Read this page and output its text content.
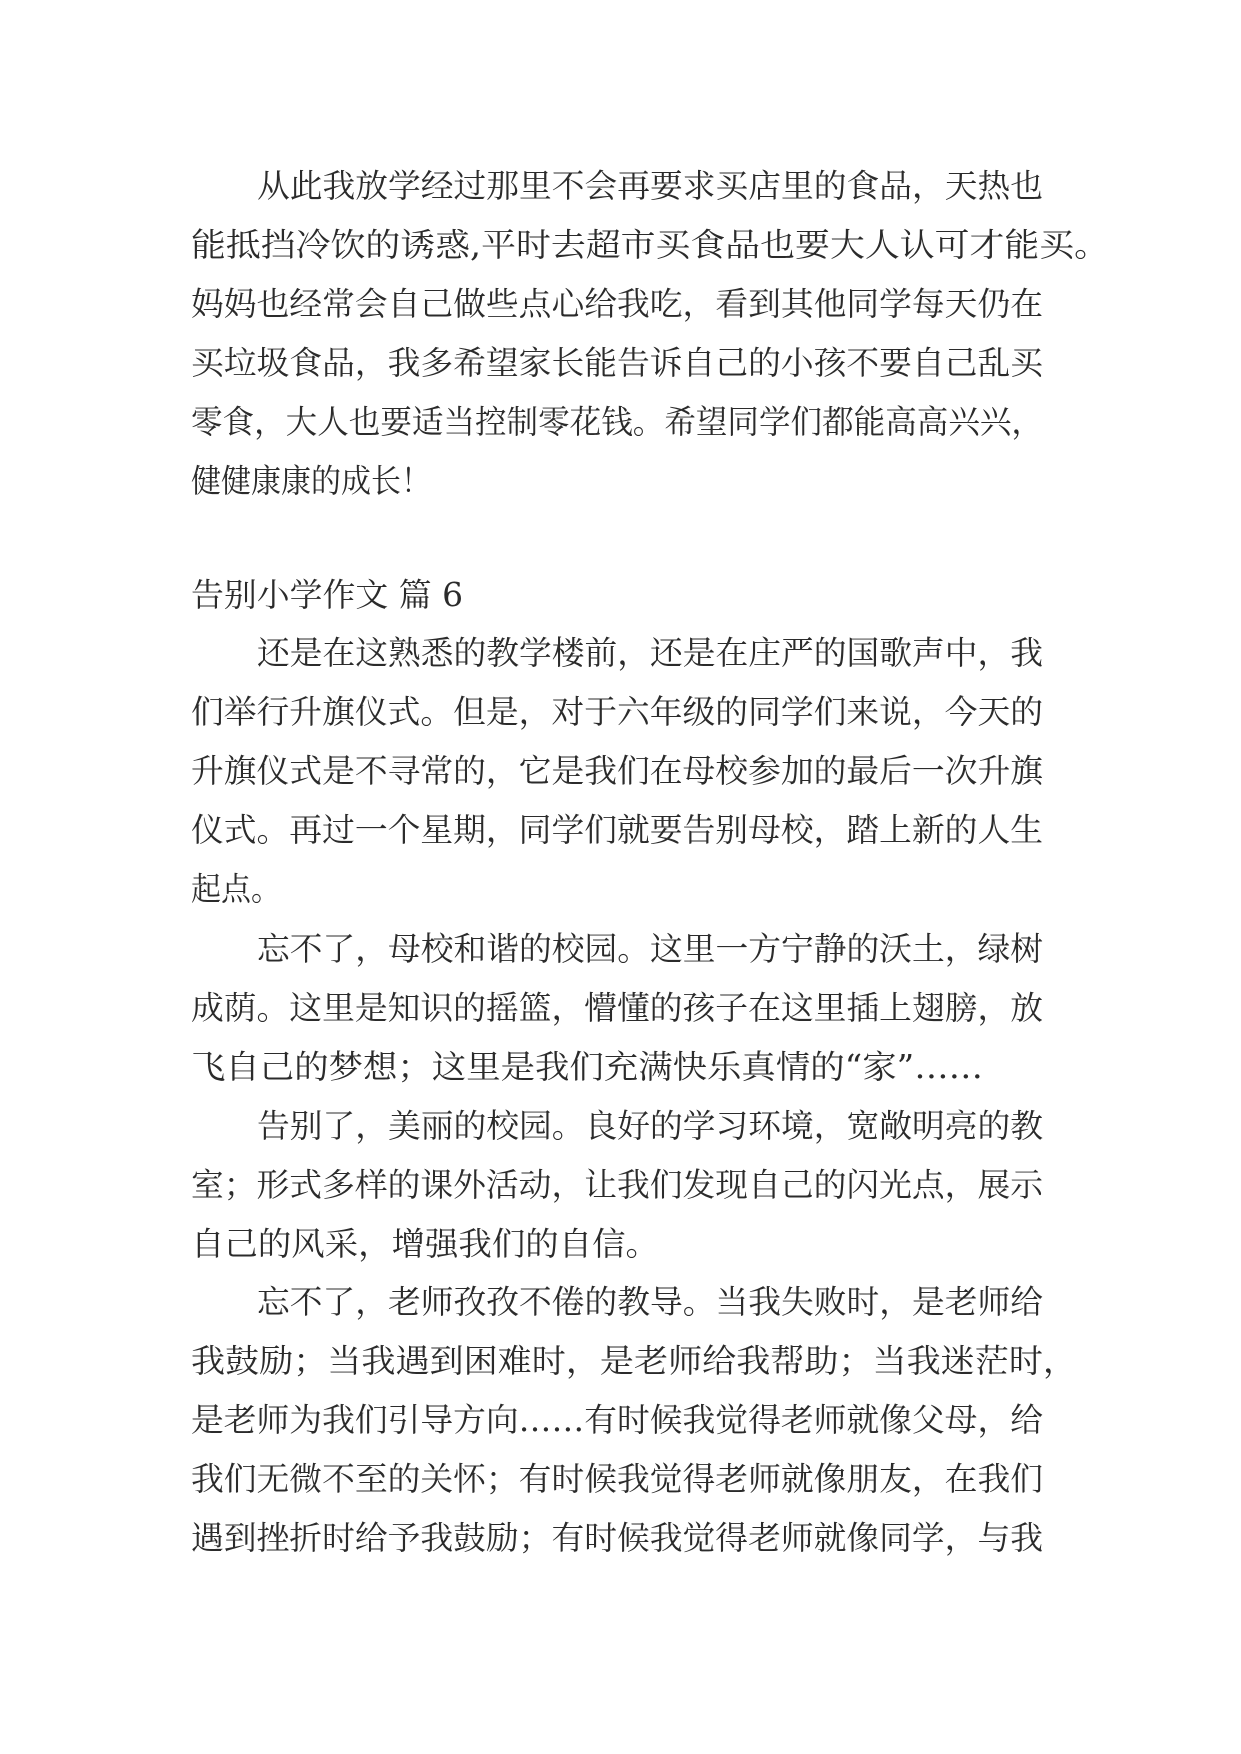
从此我放学经过那里不会再要求买店里的食品，天热也
能抵挡冷饮的诱惑,平时去超市买食品也要大人认可才能买。
妈妈也经常会自己做些点心给我吃，看到其他同学每天仍在
买垃圾食品，我多希望家长能告诉自己的小孩不要自己乱买
零食，大人也要适当控制零花钱。希望同学们都能高高兴兴，
健健康康的成长！
告别小学作文 篇 6
还是在这熟悉的教学楼前，还是在庄严的国歌声中，我
们举行升旗仪式。但是，对于六年级的同学们来说，今天的
升旗仪式是不寻常的，它是我们在母校参加的最后一次升旗
仪式。再过一个星期，同学们就要告别母校，踏上新的人生
起点。
忘不了，母校和谐的校园。这里一方宁静的沃土，绿树
成荫。这里是知识的摇篮，懵懂的孩子在这里插上翅膀，放
飞自己的梦想；这里是我们充满快乐真情的“家”……
告别了，美丽的校园。良好的学习环境，宽敞明亮的教
室；形式多样的课外活动，让我们发现自己的闪光点，展示
自己的风采，增强我们的自信。
忘不了，老师孜孜不倦的教导。当我失败时，是老师给
我鼓励；当我遇到困难时，是老师给我帮助；当我迷茫时，
是老师为我们引导方向……有时候我觉得老师就像父母，给
我们无微不至的关怀；有时候我觉得老师就像朋友，在我们
遇到挫折时给予我鼓励；有时候我觉得老师就像同学，与我
